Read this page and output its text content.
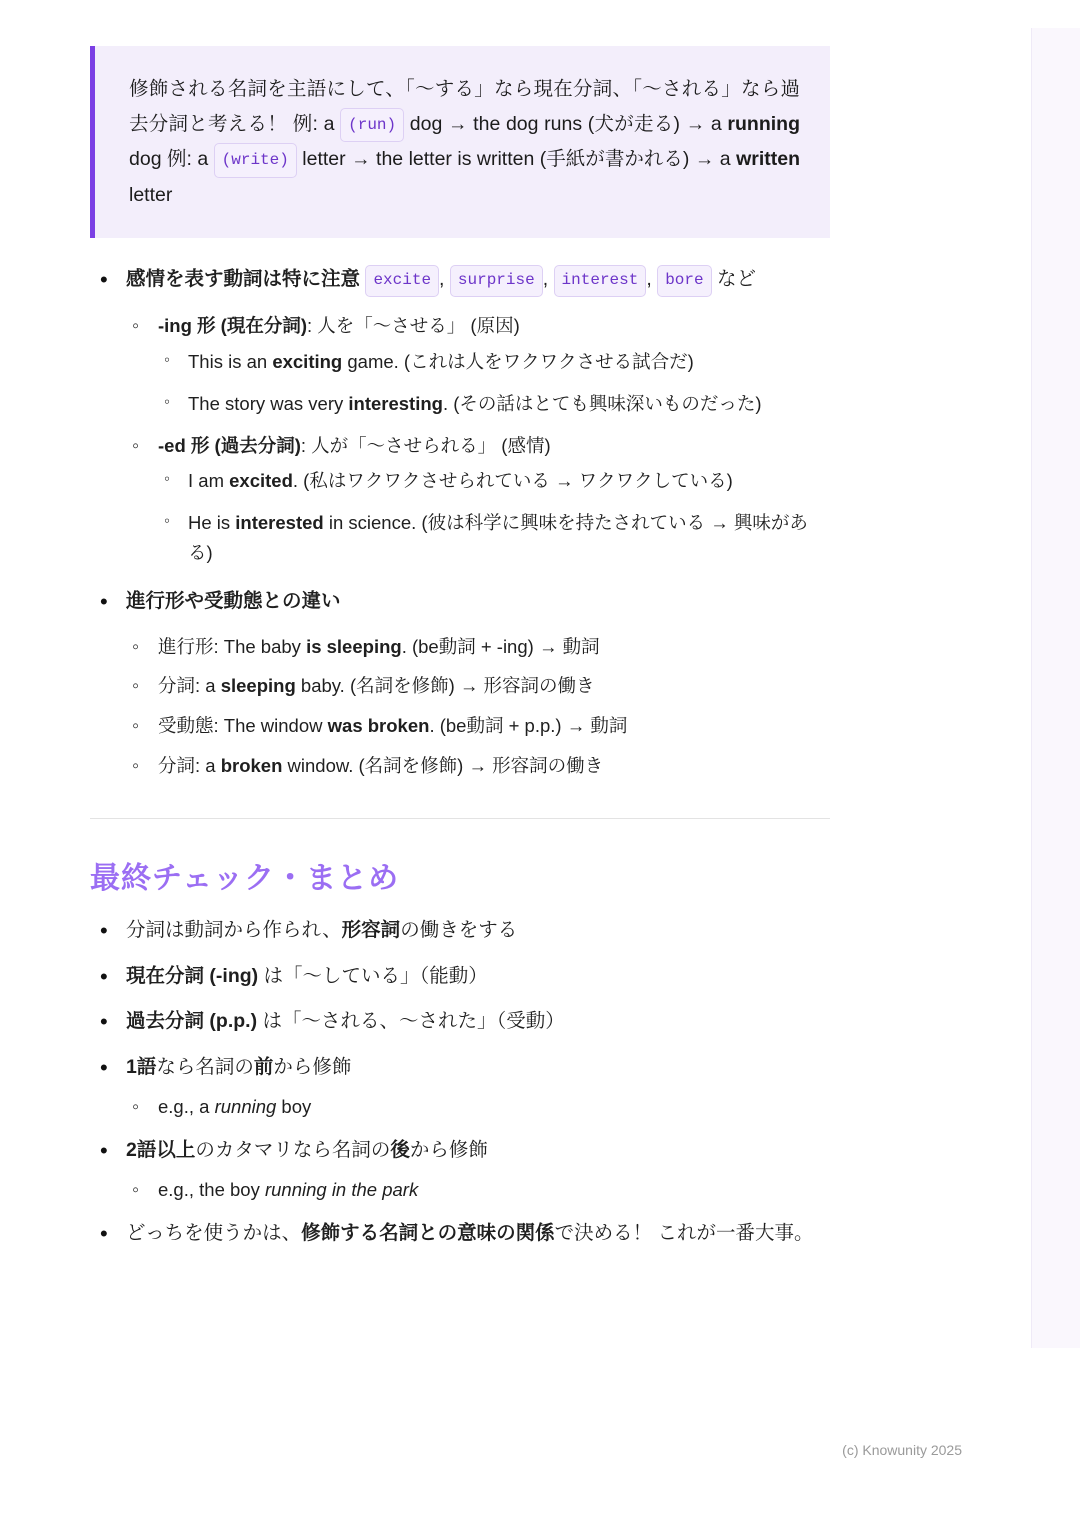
修飾される名詞を主語にして、「〜する」なら現在分詞、「〜される」なら過去分詞と考える！ 例: a (run) dog → the dog runs (犬が走る) → a running dog 例: a (write) letter → the letter is written (手紙が書かれる) → a written letter
• 感情を表す動詞は特に注意 excite , surprise , interest , bore など
◦ -ing 形 (現在分詞): 人を「〜させる」 (原因)
◦ This is an exciting game. (これは人をワクワクさせる試合だ)
◦ The story was very interesting. (その話はとても興味深いものだった)
◦ -ed 形 (過去分詞): 人が「〜させられる」 (感情)
◦ I am excited. (私はワクワクさせられている → ワクワクしている)
◦ He is interested in science. (彼は科学に興味を持たされている → 興味がある)
• 進行形や受動態との違い
◦ 進行形: The baby is sleeping. (be動詞 + -ing) → 動詞
◦ 分詞: a sleeping baby. (名詞を修飾) → 形容詞の働き
◦ 受動態: The window was broken. (be動詞 + p.p.) → 動詞
◦ 分詞: a broken window. (名詞を修飾) → 形容詞の働き
最終チェック・まとめ
• 分詞は動詞から作られ、形容詞の働きをする
• 現在分詞 (-ing) は「〜している」（能動）
• 過去分詞 (p.p.) は「〜される、〜された」（受動）
• 1語なら名詞の前から修飾
◦ e.g., a running boy
• 2語以上のカタマリなら名詞の後から修飾
◦ e.g., the boy running in the park
• どっちを使うかは、修飾する名詞との意味の関係で決める！ これが一番大事。
(c) Knowunity 2025
